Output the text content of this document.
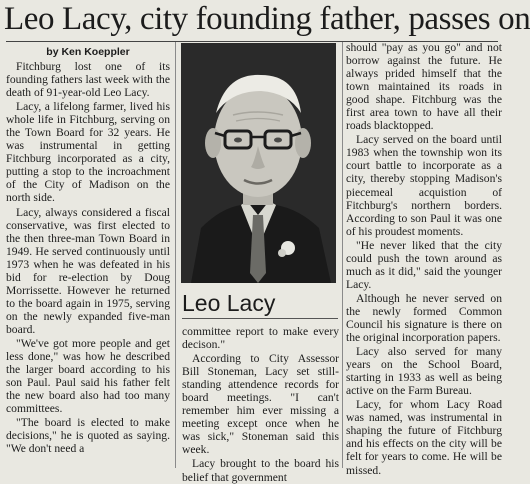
Leo Lacy, city founding father, passes on
by Ken Koeppler

Fitchburg lost one of its founding fathers last week with the death of 91-year-old Leo Lacy.

Lacy, a lifelong farmer, lived his whole life in Fitchburg, serving on the Town Board for 32 years. He was instrumental in getting Fitchburg incorporated as a city, putting a stop to the incroachment of the City of Madison on the north side.

Lacy, always considered a fiscal conservative, was first elected to the then three-man Town Board in 1949. He served continuously until 1973 when he was defeated in his bid for re-election by Doug Morrissette. However he returned to the board again in 1975, serving on the newly expanded five-man board.

"We've got more people and get less done," was how he described the larger board according to his son Paul. Paul said his father felt the new board also had too many committees.

"The board is elected to make decisions," he is quoted as saying. "We don't need a

Leo Lacy

committee report to make every decison."

According to City Assessor Bill Stoneman, Lacy set still-standing attendence records for board meetings. "I can't remember him ever missing a meeting except once when he was sick," Stoneman said this week.

Lacy brought to the board his belief that government

should "pay as you go" and not borrow against the future. He always prided himself that the town maintained its roads in good shape. Fitchburg was the first area town to have all their roads blacktopped.

Lacy served on the board until 1983 when the township won its court battle to incorporate as a city, thereby stopping Madison's piecemeal acquistion of Fitchburg's northern borders. According to son Paul it was one of his proudest moments.

"He never liked that the city could push the town around as much as it did," said the younger Lacy.

Although he never served on the newly formed Common Council his signature is there on the original incorporation papers.

Lacy also served for many years on the School Board, starting in 1933 as well as being active on the Farm Bureau.

Lacy, for whom Lacy Road was named, was instrumental in shaping the future of Fitchburg and his effects on the city will be felt for years to come. He will be missed.
